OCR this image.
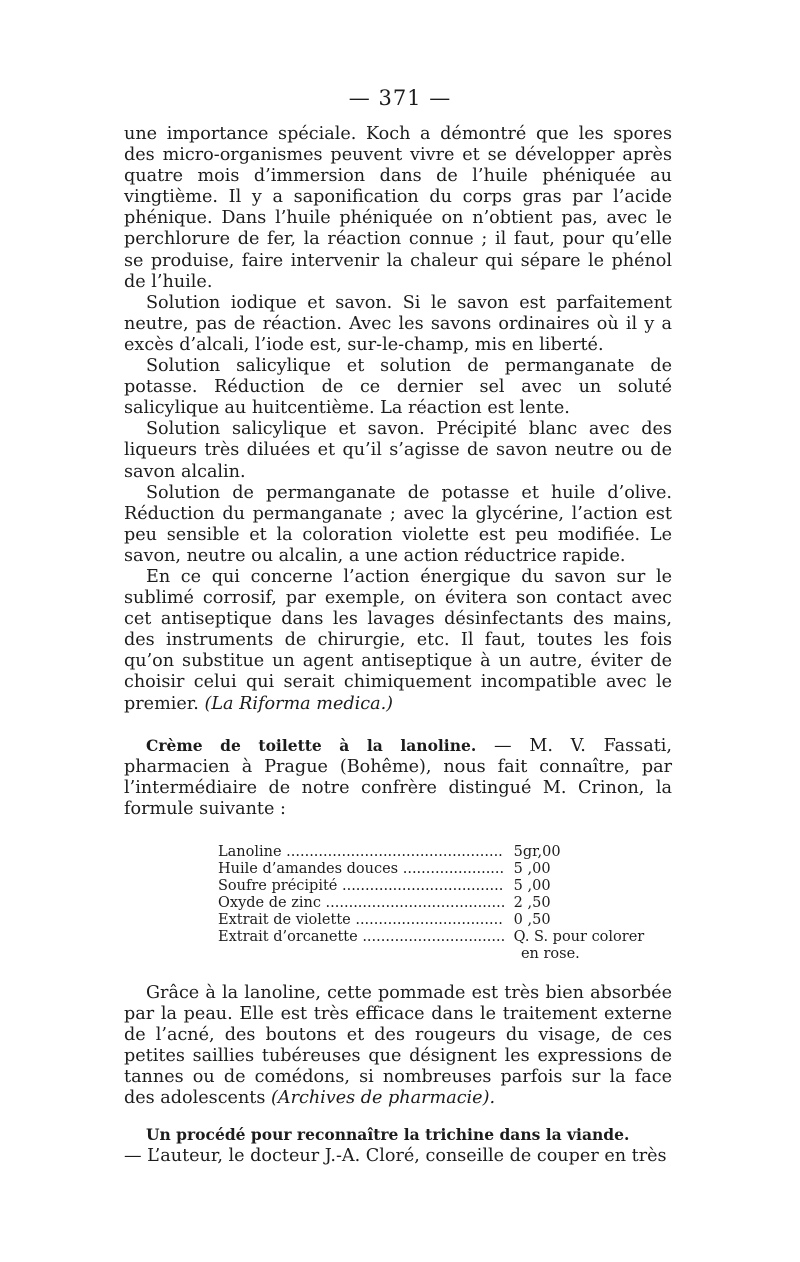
— 371 —

une importance spéciale. Koch a démontré que les spores des micro-organismes peuvent vivre et se développer après quatre mois d’immersion dans de l’huile phéniquée au vingtième. Il y a saponification du corps gras par l’acide phénique. Dans l’huile phéniquée on n’obtient pas, avec le perchlorure de fer, la réaction connue ; il faut, pour qu’elle se produise, faire intervenir la chaleur qui sépare le phénol de l’huile.

Solution iodique et savon. Si le savon est parfaitement neutre, pas de réaction. Avec les savons ordinaires où il y a excès d’alcali, l’iode est, sur-le-champ, mis en liberté.

Solution salicylique et solution de permanganate de potasse. Réduction de ce dernier sel avec un soluté salicylique au huitcentième. La réaction est lente.

Solution salicylique et savon. Précipité blanc avec des liqueurs très diluées et qu’il s’agisse de savon neutre ou de savon alcalin.

Solution de permanganate de potasse et huile d’olive. Réduction du permanganate ; avec la glycérine, l’action est peu sensible et la coloration violette est peu modifiée. Le savon, neutre ou alcalin, a une action réductrice rapide.

En ce qui concerne l’action énergique du savon sur le sublimé corrosif, par exemple, on évitera son contact avec cet antiseptique dans les lavages désinfectants des mains, des instruments de chirurgie, etc. Il faut, toutes les fois qu’on substitue un agent antiseptique à un autre, éviter de choisir celui qui serait chimiquement incompatible avec le premier. (La Riforma medica.)

Crème de toilette à la lanoline. — M. V. Fassati, pharmacien à Prague (Bohême), nous fait connaître, par l’intermédiaire de notre confrère distingué M. Crinon, la formule suivante :

Lanoline .....	5gr,00
Huile d’amandes douces .....	5 ,00
Soufre précipité .....	5 ,00
Oxyde de zinc .....	2 ,50
Extrait de violette .....	0 ,50
Extrait d’orcanette .....	Q. S. pour colorer
en rose.

Grâce à la lanoline, cette pommade est très bien absorbée par la peau. Elle est très efficace dans le traitement externe de l’acné, des boutons et des rougeurs du visage, de ces petites saillies tubéreuses que désignent les expressions de tannes ou de comédons, si nombreuses parfois sur la face des adolescents (Archives de pharmacie).

Un procédé pour reconnaître la trichine dans la viande.

— L’auteur, le docteur J.-A. Cloré, conseille de couper en très
